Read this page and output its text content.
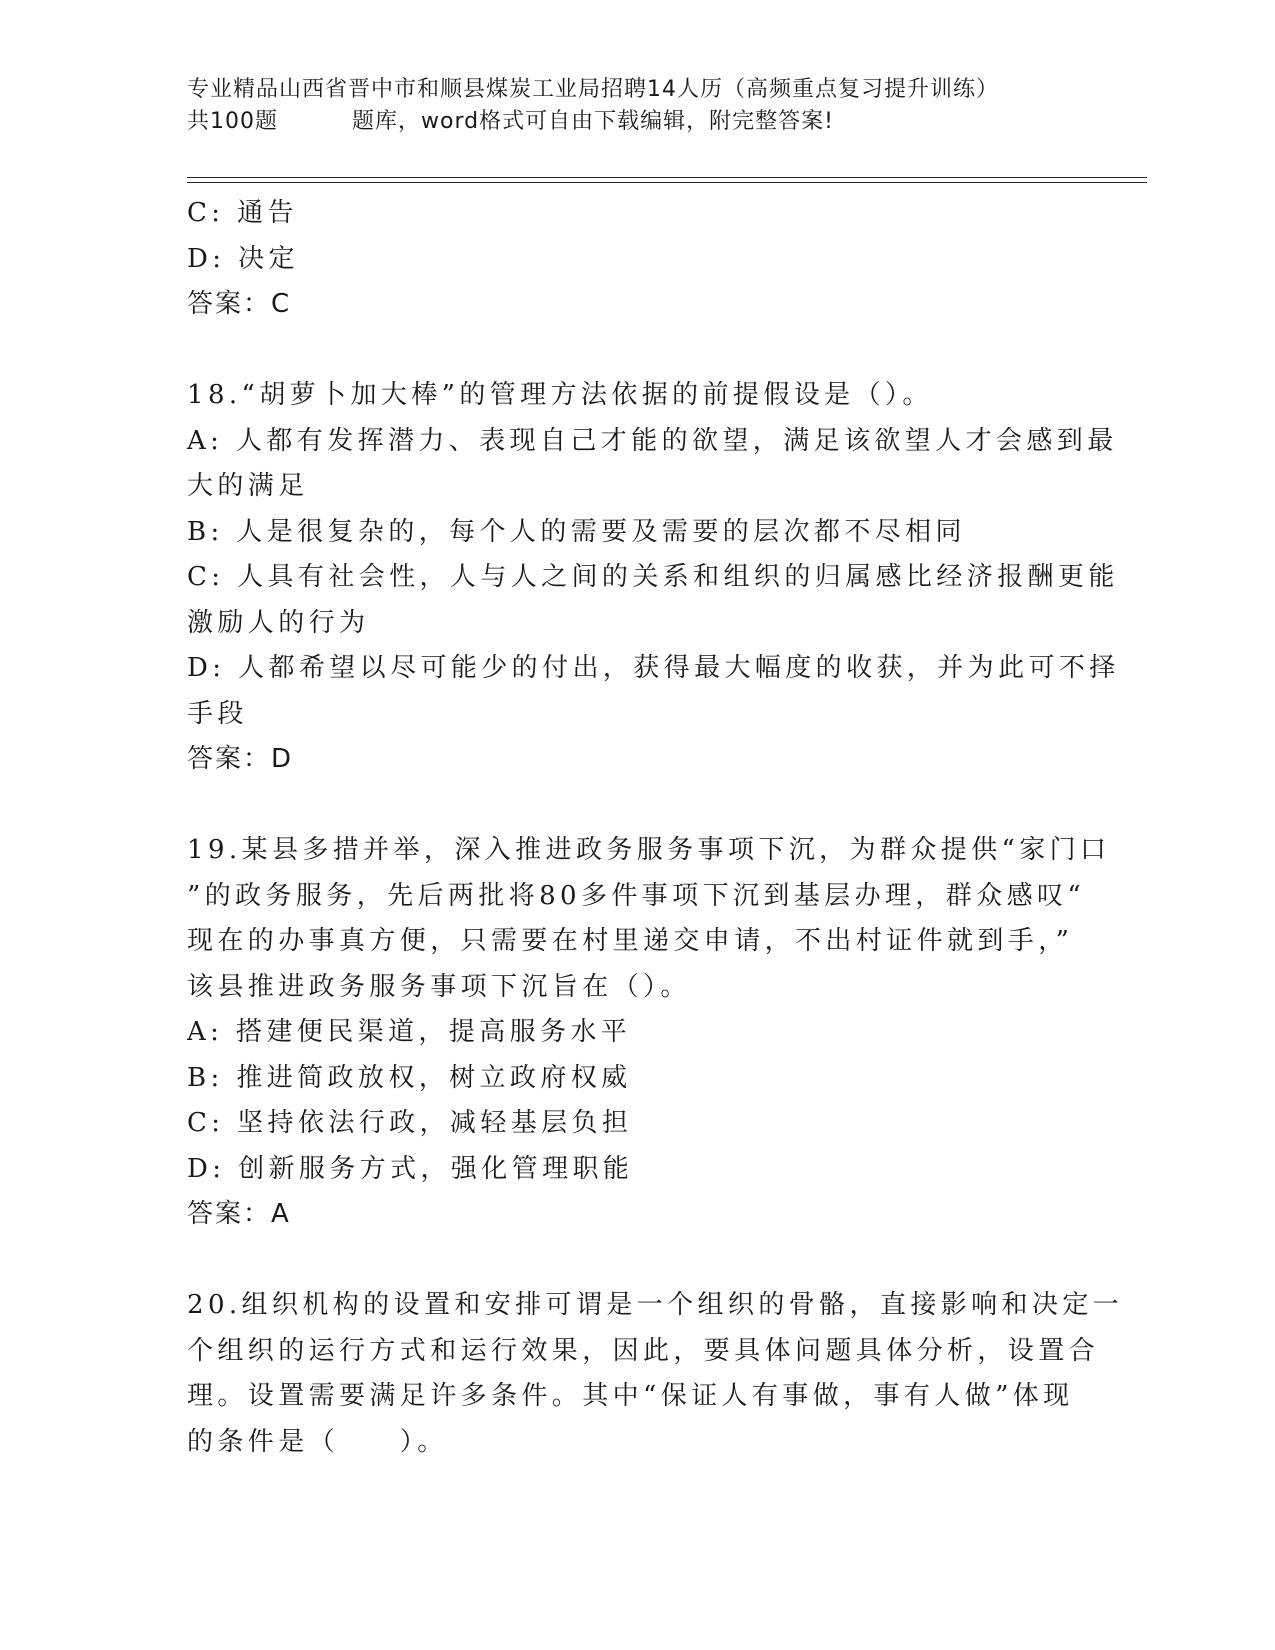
专业精品山西省晋中市和顺县煤炭工业局招聘14人历（高频重点复习提升训练）
共100题	题库，word格式可自由下载编辑，附完整答案!
C: 通告
D: 决定
答案：C
18.“胡萝卜加大棒”的管理方法依据的前提假设是（）。
A: 人都有发挥潜力、表现自己才能的欲望，满足该欲望人才会感到最
大的满足
B: 人是很复杂的，每个人的需要及需要的层次都不尽相同
C: 人具有社会性，人与人之间的关系和组织的归属感比经济报酬更能
激励人的行为
D: 人都希望以尽可能少的付出，获得最大幅度的收获，并为此可不择
手段
答案：D
19.某县多措并举，深入推进政务服务事项下沉，为群众提供“家门口
”的政务服务，先后两批将80多件事项下沉到基层办理，群众感叹“
现在的办事真方便，只需要在村里递交申请，不出村证件就到手，”
该县推进政务服务事项下沉旨在（）。
A: 搭建便民渠道，提高服务水平
B: 推进简政放权，树立政府权威
C: 坚持依法行政，减轻基层负担
D: 创新服务方式，强化管理职能
答案：A
20.组织机构的设置和安排可谓是一个组织的骨骼，直接影响和决定一
个组织的运行方式和运行效果，因此，要具体问题具体分析，设置合
理。设置需要满足许多条件。其中“保证人有事做，事有人做”体现
的条件是（　　）。
